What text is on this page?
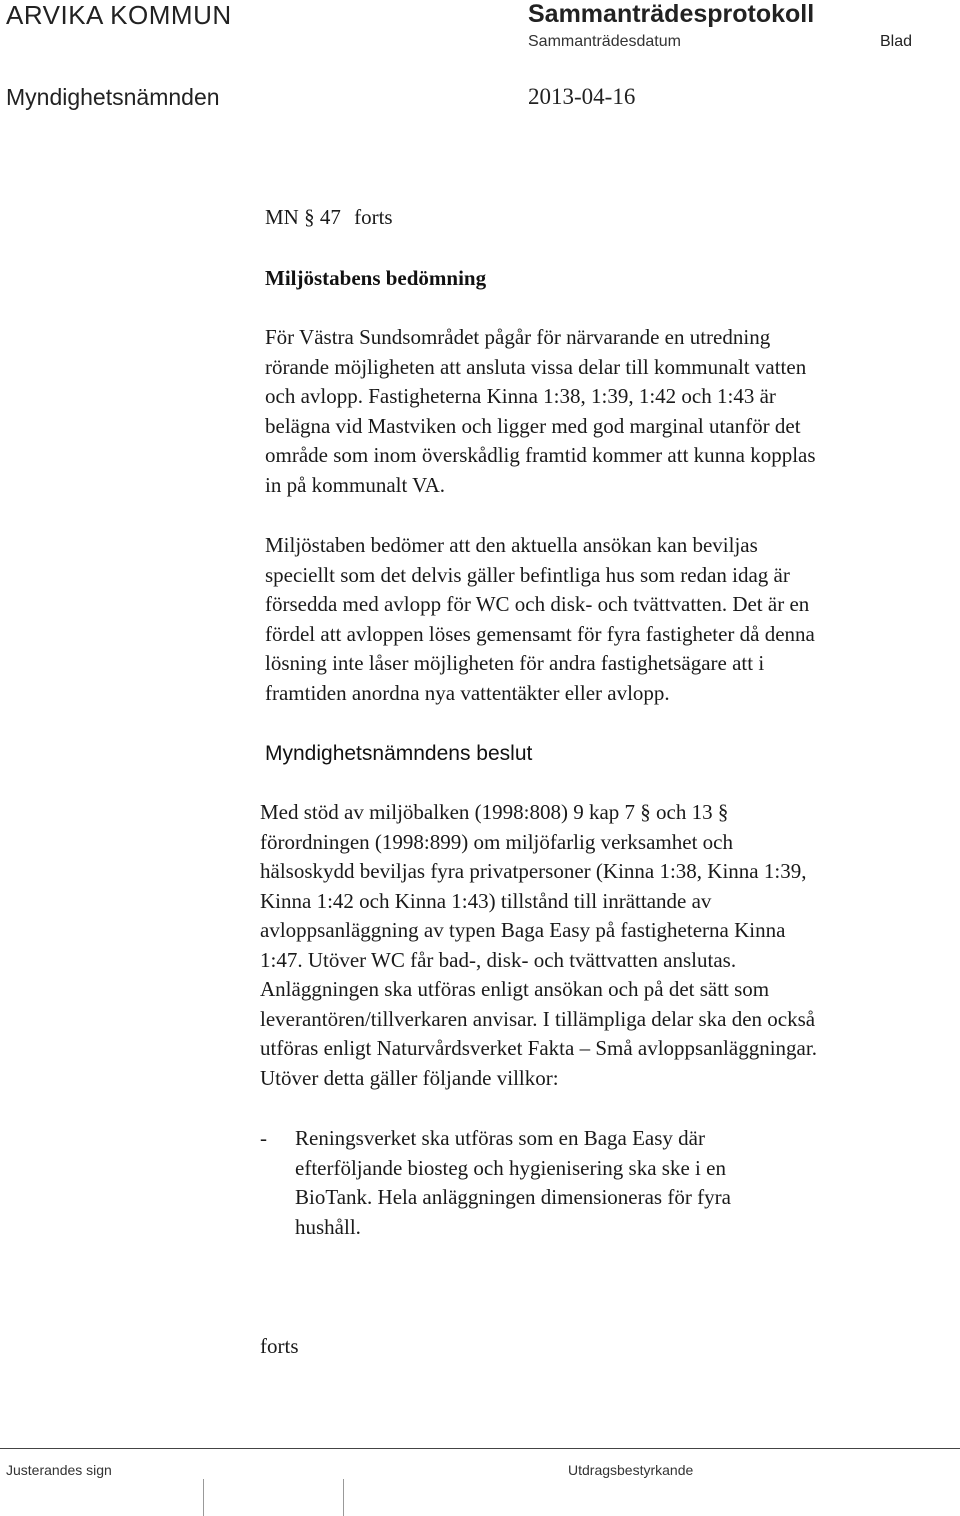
ARVIKA KOMMUN	Sammanträdesprotokoll
Sammanträdesdatum	Blad
Myndighetsnämnden	2013-04-16
MN § 47 forts
Miljöstabens bedömning
För Västra Sundsområdet pågår för närvarande en utredning
rörande möjligheten att ansluta vissa delar till kommunalt vatten
och avlopp. Fastigheterna Kinna 1:38, 1:39, 1:42 och 1:43 är
belägna vid Mastviken och ligger med god marginal utanför det
område som inom överskådlig framtid kommer att kunna kopplas
in på kommunalt VA.
Miljöstaben bedömer att den aktuella ansökan kan beviljas
speciellt som det delvis gäller befintliga hus som redan idag är
försedda med avlopp för WC och disk- och tvättvatten. Det är en
fördel att avloppen löses gemensamt för fyra fastigheter då denna
lösning inte låser möjligheten för andra fastighetsägare att i
framtiden anordna nya vattentäkter eller avlopp.
Myndighetsnämndens beslut
Med stöd av miljöbalken (1998:808) 9 kap 7 § och 13 §
förordningen (1998:899) om miljöfarlig verksamhet och
hälsoskydd beviljas fyra privatpersoner (Kinna 1:38, Kinna 1:39,
Kinna 1:42 och Kinna 1:43) tillstånd till inrättande av
avloppsanläggning av typen Baga Easy på fastigheterna Kinna
1:47. Utöver WC får bad-, disk- och tvättvatten anslutas.
Anläggningen ska utföras enligt ansökan och på det sätt som
leverantören/tillverkaren anvisar. I tillämpliga delar ska den också
utföras enligt Naturvårdsverket Fakta – Små avloppsanläggningar.
Utöver detta gäller följande villkor:
- Reningsverket ska utföras som en Baga Easy där
efterföljande biosteg och hygienisering ska ske i en
BioTank. Hela anläggningen dimensioneras för fyra
hushåll.
forts
Justerandes sign	Utdragsbestyrkande
